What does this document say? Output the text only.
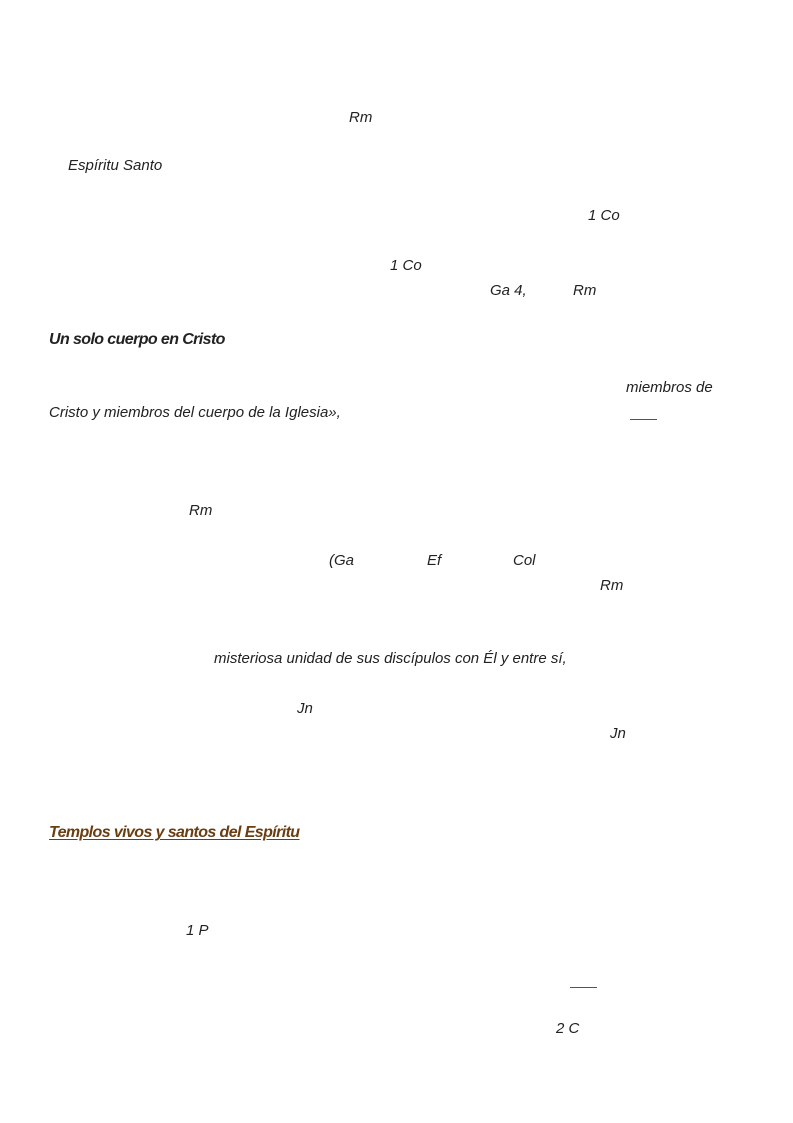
Rm
Espíritu Santo
1 Co
1 Co
Ga 4,	Rm
Un solo cuerpo en Cristo
miembros de
Cristo y miembros del cuerpo de la Iglesia»,
Rm
(Ga	Ef	Col
Rm
misteriosa unidad de sus discípulos con Él y entre sí,
Jn
Jn
Templos vivos y santos del Espíritu
1 P
2 C
